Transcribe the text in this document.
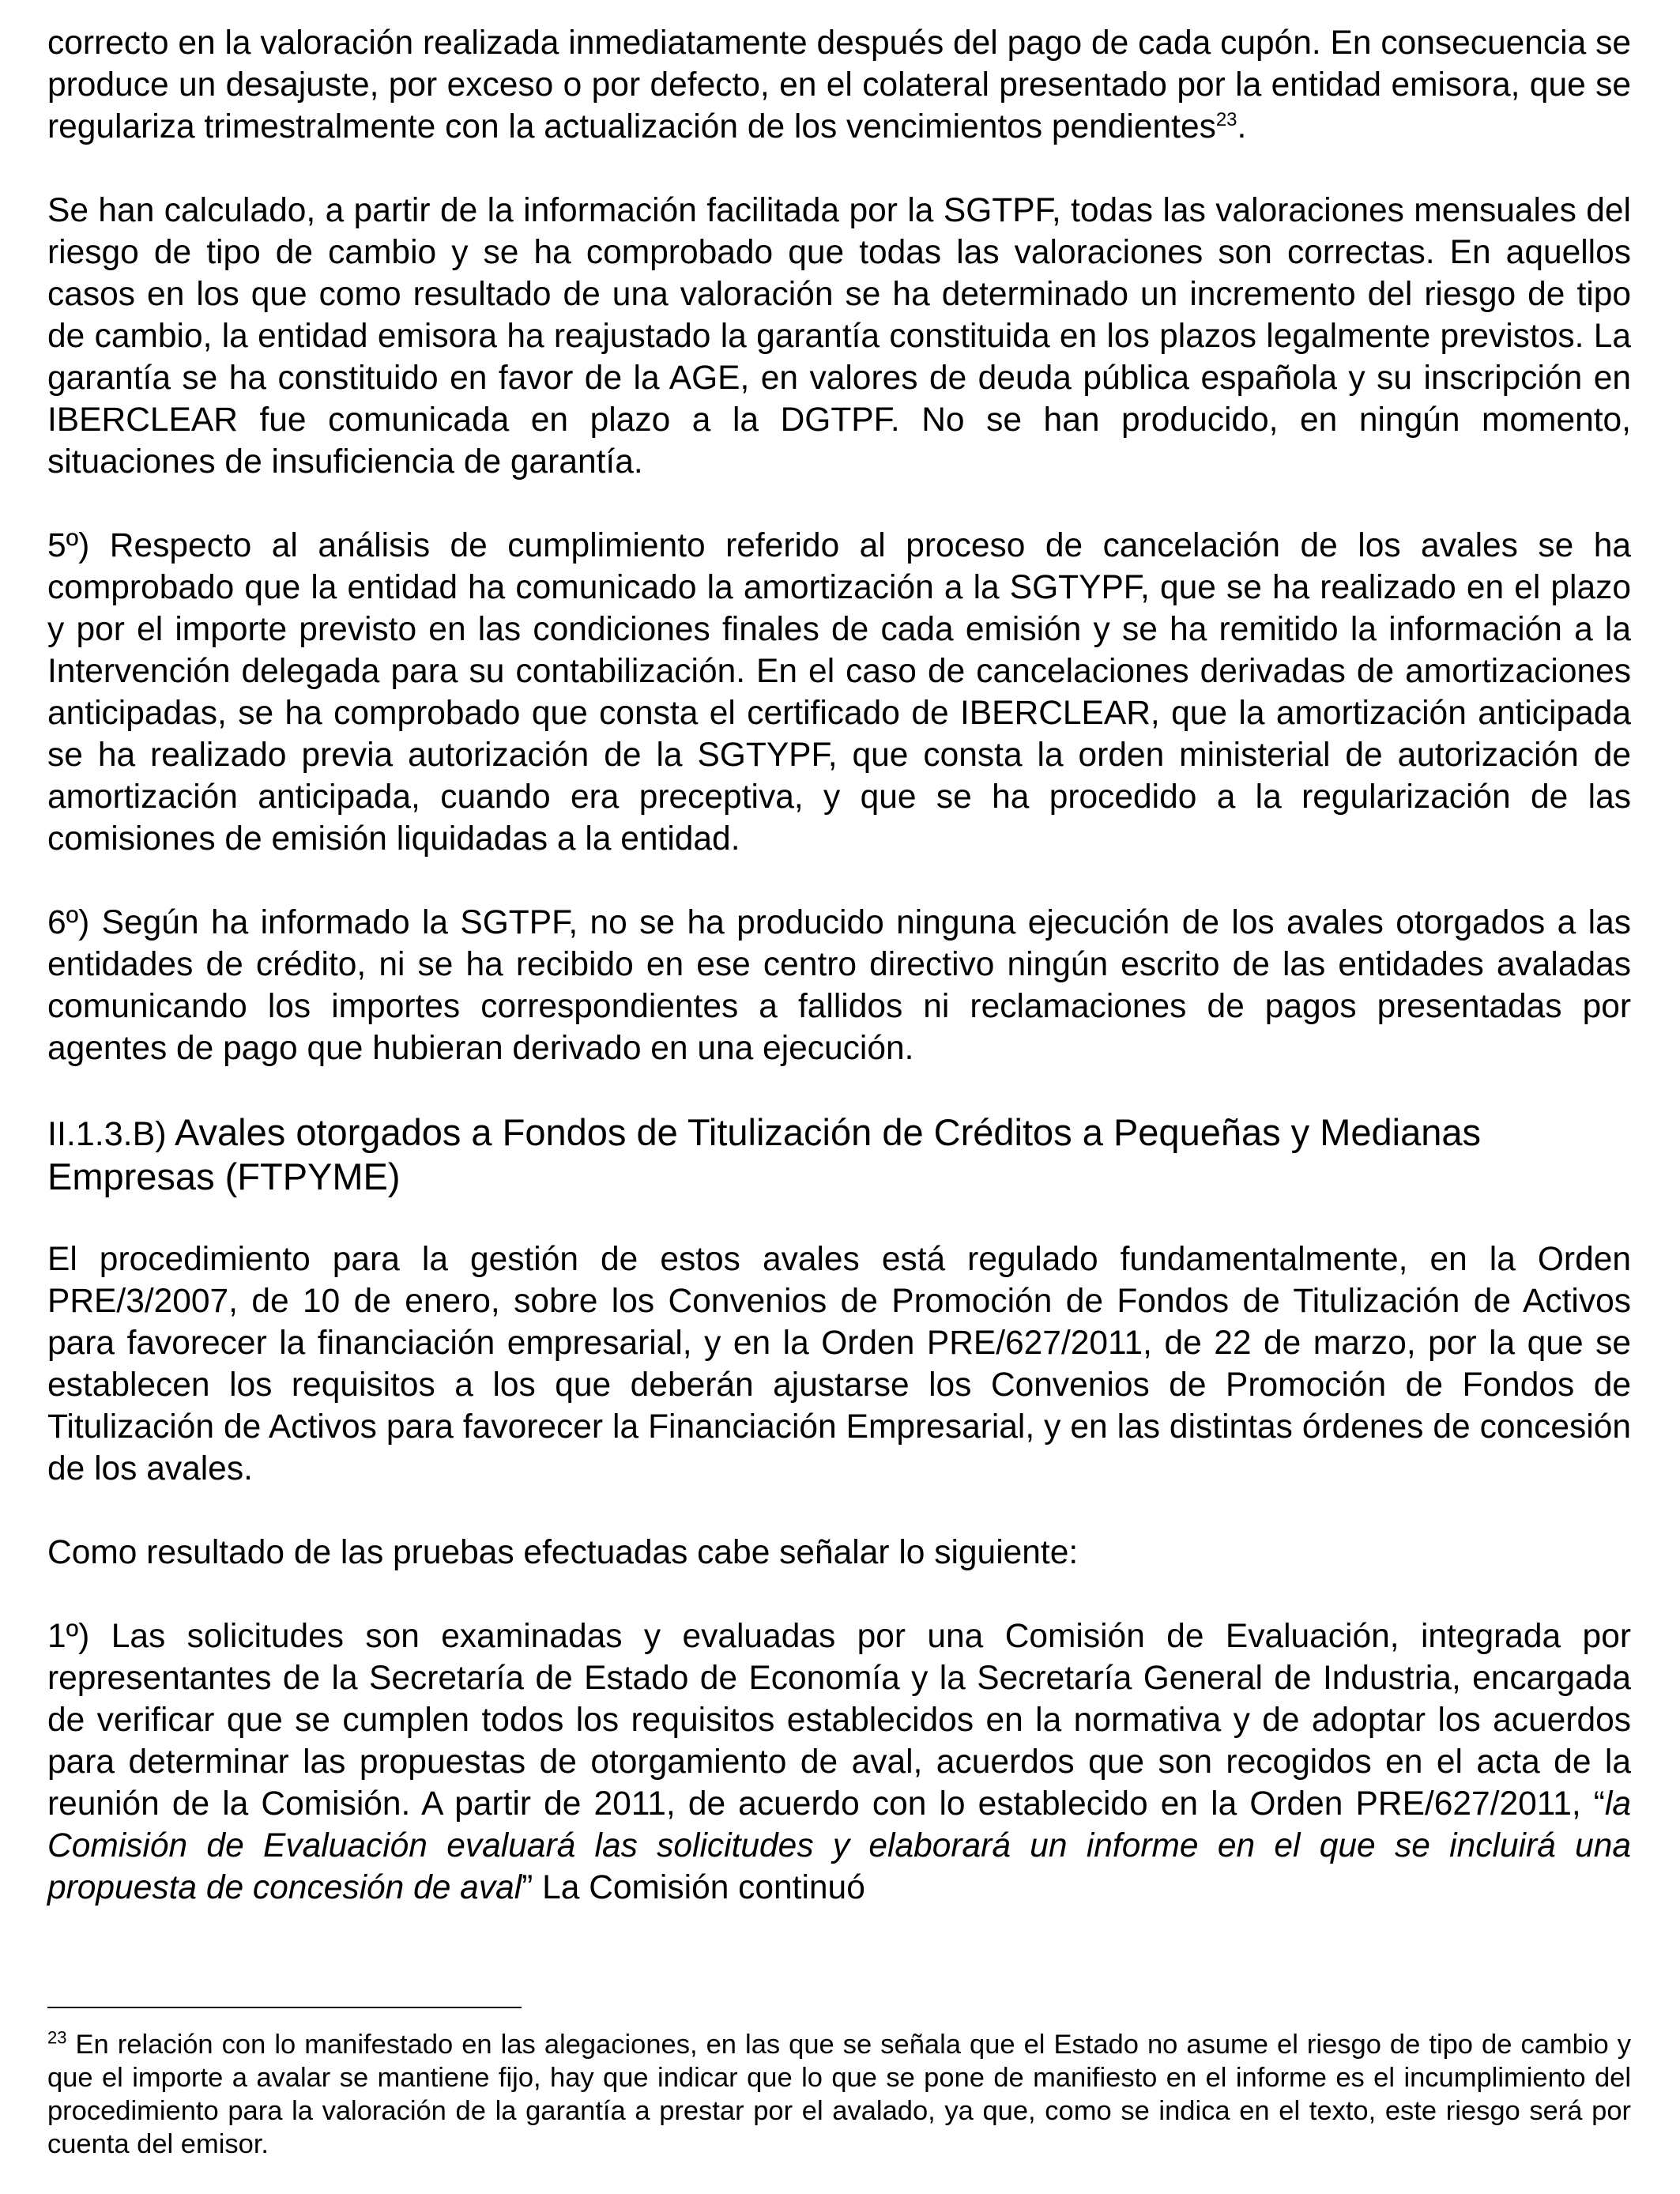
correcto en la valoración realizada inmediatamente después del pago de cada cupón. En consecuencia se produce un desajuste, por exceso o por defecto, en el colateral presentado por la entidad emisora, que se regulariza trimestralmente con la actualización de los vencimientos pendientes$^{23}$.

Se han calculado, a partir de la información facilitada por la SGTPF, todas las valoraciones mensuales del riesgo de tipo de cambio y se ha comprobado que todas las valoraciones son correctas. En aquellos casos en los que como resultado de una valoración se ha determinado un incremento del riesgo de tipo de cambio, la entidad emisora ha reajustado la garantía constituida en los plazos legalmente previstos. La garantía se ha constituido en favor de la AGE, en valores de deuda pública española y su inscripción en IBERCLEAR fue comunicada en plazo a la DGTPF. No se han producido, en ningún momento, situaciones de insuficiencia de garantía.

5º) Respecto al análisis de cumplimiento referido al proceso de cancelación de los avales se ha comprobado que la entidad ha comunicado la amortización a la SGTYPF, que se ha realizado en el plazo y por el importe previsto en las condiciones finales de cada emisión y se ha remitido la información a la Intervención delegada para su contabilización. En el caso de cancelaciones derivadas de amortizaciones anticipadas, se ha comprobado que consta el certificado de IBERCLEAR, que la amortización anticipada se ha realizado previa autorización de la SGTYPF, que consta la orden ministerial de autorización de amortización anticipada, cuando era preceptiva, y que se ha procedido a la regularización de las comisiones de emisión liquidadas a la entidad.

6º) Según ha informado la SGTPF, no se ha producido ninguna ejecución de los avales otorgados a las entidades de crédito, ni se ha recibido en ese centro directivo ningún escrito de las entidades avaladas comunicando los importes correspondientes a fallidos ni reclamaciones de pagos presentadas por agentes de pago que hubieran derivado en una ejecución.

II.1.3.B) Avales otorgados a Fondos de Titulización de Créditos a Pequeñas y Medianas Empresas (FTPYME)

El procedimiento para la gestión de estos avales está regulado fundamentalmente, en la Orden PRE/3/2007, de 10 de enero, sobre los Convenios de Promoción de Fondos de Titulización de Activos para favorecer la financiación empresarial, y en la Orden PRE/627/2011, de 22 de marzo, por la que se establecen los requisitos a los que deberán ajustarse los Convenios de Promoción de Fondos de Titulización de Activos para favorecer la Financiación Empresarial, y en las distintas órdenes de concesión de los avales.

Como resultado de las pruebas efectuadas cabe señalar lo siguiente:

1º) Las solicitudes son examinadas y evaluadas por una Comisión de Evaluación, integrada por representantes de la Secretaría de Estado de Economía y la Secretaría General de Industria, encargada de verificar que se cumplen todos los requisitos establecidos en la normativa y de adoptar los acuerdos para determinar las propuestas de otorgamiento de aval, acuerdos que son recogidos en el acta de la reunión de la Comisión. A partir de 2011, de acuerdo con lo establecido en la Orden PRE/627/2011, “la Comisión de Evaluación evaluará las solicitudes y elaborará un informe en el que se incluirá una propuesta de concesión de aval” La Comisión continuó

$^{23}$ En relación con lo manifestado en las alegaciones, en las que se señala que el Estado no asume el riesgo de tipo de cambio y que el importe a avalar se mantiene fijo, hay que indicar que lo que se pone de manifiesto en el informe es el incumplimiento del procedimiento para la valoración de la garantía a prestar por el avalado, ya que, como se indica en el texto, este riesgo será por cuenta del emisor.
